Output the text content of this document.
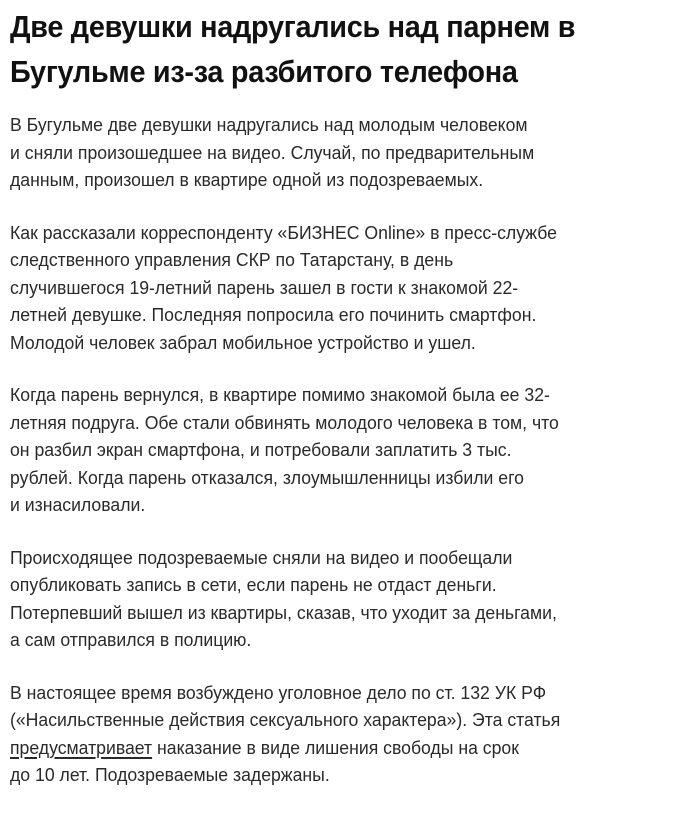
Две девушки надругались над парнем в
Бугульме из-за разбитого телефона

В Бугульме две девушки надругались над молодым человеком
и сняли произошедшее на видео. Случай, по предварительным
данным, произошел в квартире одной из подозреваемых.

Как рассказали корреспонденту «БИЗНЕС Online» в пресс-службе
следственного управления СКР по Татарстану, в день
случившегося 19-летний парень зашел в гости к знакомой 22-
летней девушке. Последняя попросила его починить смартфон.
Молодой человек забрал мобильное устройство и ушел.

Когда парень вернулся, в квартире помимо знакомой была ее 32-
летняя подруга. Обе стали обвинять молодого человека в том, что
он разбил экран смартфона, и потребовали заплатить 3 тыс.
рублей. Когда парень отказался, злоумышленницы избили его
и изнасиловали.

Происходящее подозреваемые сняли на видео и пообещали
опубликовать запись в сети, если парень не отдаст деньги.
Потерпевший вышел из квартиры, сказав, что уходит за деньгами,
а сам отправился в полицию.

В настоящее время возбуждено уголовное дело по ст. 132 УК РФ
(«Насильственные действия сексуального характера»). Эта статья
предусматривает наказание в виде лишения свободы на срок
до 10 лет. Подозреваемые задержаны.
